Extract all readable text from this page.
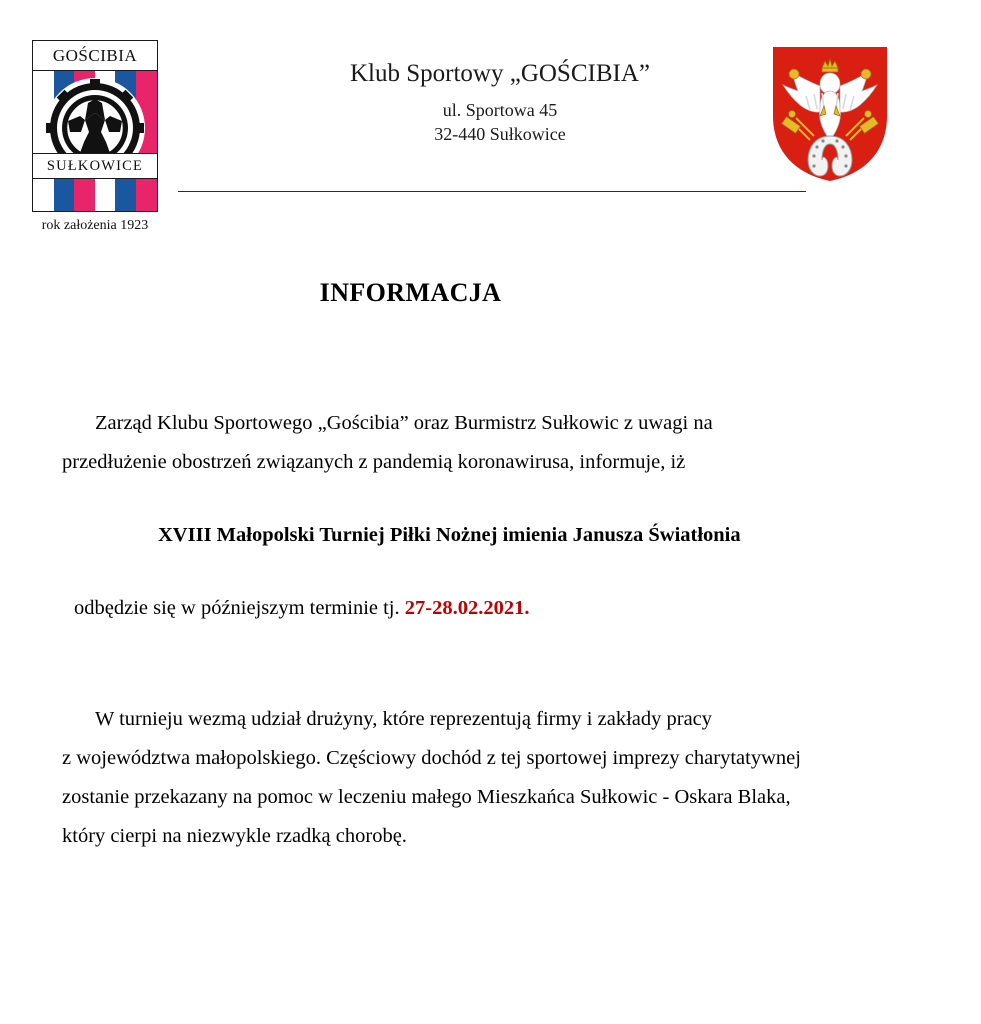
GOŚCIBIA
SUŁKOWICE
rok założenia 1923
Klub Sportowy „GOŚCIBIA”
ul. Sportowa 45
32-440 Sułkowice
INFORMACJA
Zarząd Klubu Sportowego „Gościbia” oraz Burmistrz Sułkowic z uwagi na
przedłużenie obostrzeń związanych z pandemią koronawirusa, informuje, iż
XVIII Małopolski Turniej Piłki Nożnej imienia Janusza Światłonia
odbędzie się w późniejszym terminie tj. 27-28.02.2021.
W turnieju wezmą udział drużyny, które reprezentują firmy i zakłady pracy
z województwa małopolskiego. Częściowy dochód z tej sportowej imprezy charytatywnej
zostanie przekazany na pomoc w leczeniu małego Mieszkańca Sułkowic - Oskara Blaka,
który cierpi na niezwykle rzadką chorobę.
